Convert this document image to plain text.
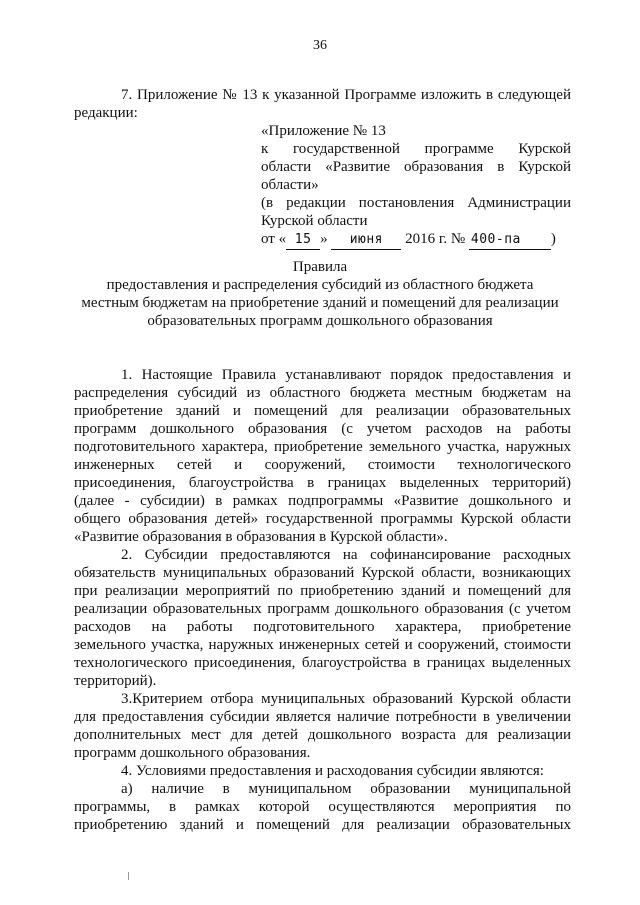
36
7. Приложение № 13 к указанной Программе изложить в следующей
редакции:
«Приложение № 13
к государственной программе Курской
области «Развитие образования в Курской
области»
(в редакции постановления Администрации
Курской области
от « 15 » июня 2016 г. № 400-па )
Правила
предоставления и распределения субсидий из областного бюджета
местным бюджетам на приобретение зданий и помещений для реализации
образовательных программ дошкольного образования
1. Настоящие Правила устанавливают порядок предоставления и
распределения субсидий из областного бюджета местным бюджетам на
приобретение зданий и помещений для реализации образовательных
программ дошкольного образования (с учетом расходов на работы
подготовительного характера, приобретение земельного участка, наружных
инженерных сетей и сооружений, стоимости технологического
присоединения, благоустройства в границах выделенных территорий)
(далее - субсидии) в рамках подпрограммы «Развитие дошкольного и
общего образования детей» государственной программы Курской области
«Развитие образования в образования в Курской области».
2. Субсидии предоставляются на софинансирование расходных
обязательств муниципальных образований Курской области, возникающих
при реализации мероприятий по приобретению зданий и помещений для
реализации образовательных программ дошкольного образования (с учетом
расходов на работы подготовительного характера, приобретение
земельного участка, наружных инженерных сетей и сооружений, стоимости
технологического присоединения, благоустройства в границах выделенных
территорий).
3.Критерием отбора муниципальных образований Курской области
для предоставления субсидии является наличие потребности в увеличении
дополнительных мест для детей дошкольного возраста для реализации
программ дошкольного образования.
4. Условиями предоставления и расходования субсидии являются:
а) наличие в муниципальном образовании муниципальной
программы, в рамках которой осуществляются мероприятия по
приобретению зданий и помещений для реализации образовательных
